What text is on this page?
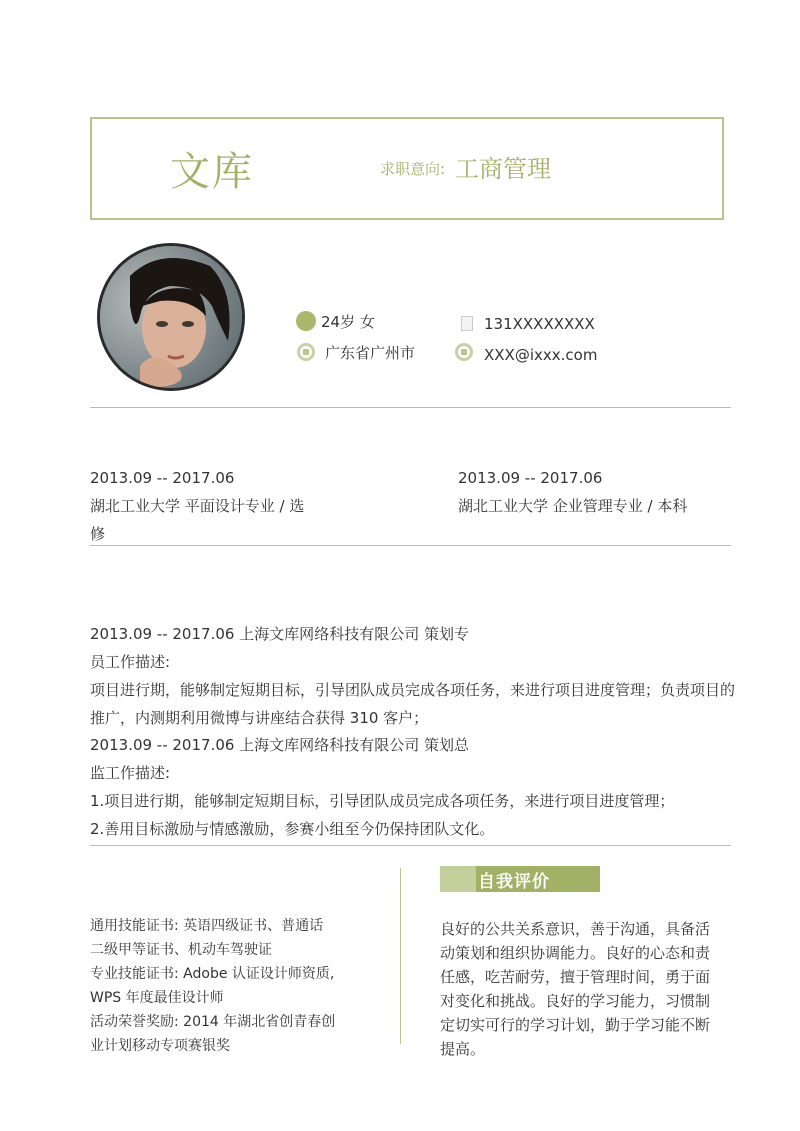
文库	求职意向: 工商管理
24岁 女
广东省广州市
131XXXXXXXX
XXX@ixxx.com
2013.09 -- 2017.06
湖北工业大学 平面设计专业 / 选
修
2013.09 -- 2017.06
湖北工业大学 企业管理专业 / 本科
2013.09 -- 2017.06 上海文库网络科技有限公司 策划专
员工作描述:
项目进行期，能够制定短期目标，引导团队成员完成各项任务，来进行项目进度管理；负责项目的
推广，内测期利用微博与讲座结合获得 310 客户；
2013.09 -- 2017.06 上海文库网络科技有限公司 策划总
监工作描述:
1.项目进行期，能够制定短期目标，引导团队成员完成各项任务，来进行项目进度管理；
2.善用目标激励与情感激励，参赛小组至今仍保持团队文化。
通用技能证书: 英语四级证书、普通话
二级甲等证书、机动车驾驶证
专业技能证书: Adobe 认证设计师资质,
WPS 年度最佳设计师
活动荣誉奖励: 2014 年湖北省创青春创
业计划移动专项赛银奖
自我评价
良好的公共关系意识，善于沟通，具备活
动策划和组织协调能力。良好的心态和责
任感，吃苦耐劳，擅于管理时间，勇于面
对变化和挑战。良好的学习能力，习惯制
定切实可行的学习计划，勤于学习能不断
提高。
